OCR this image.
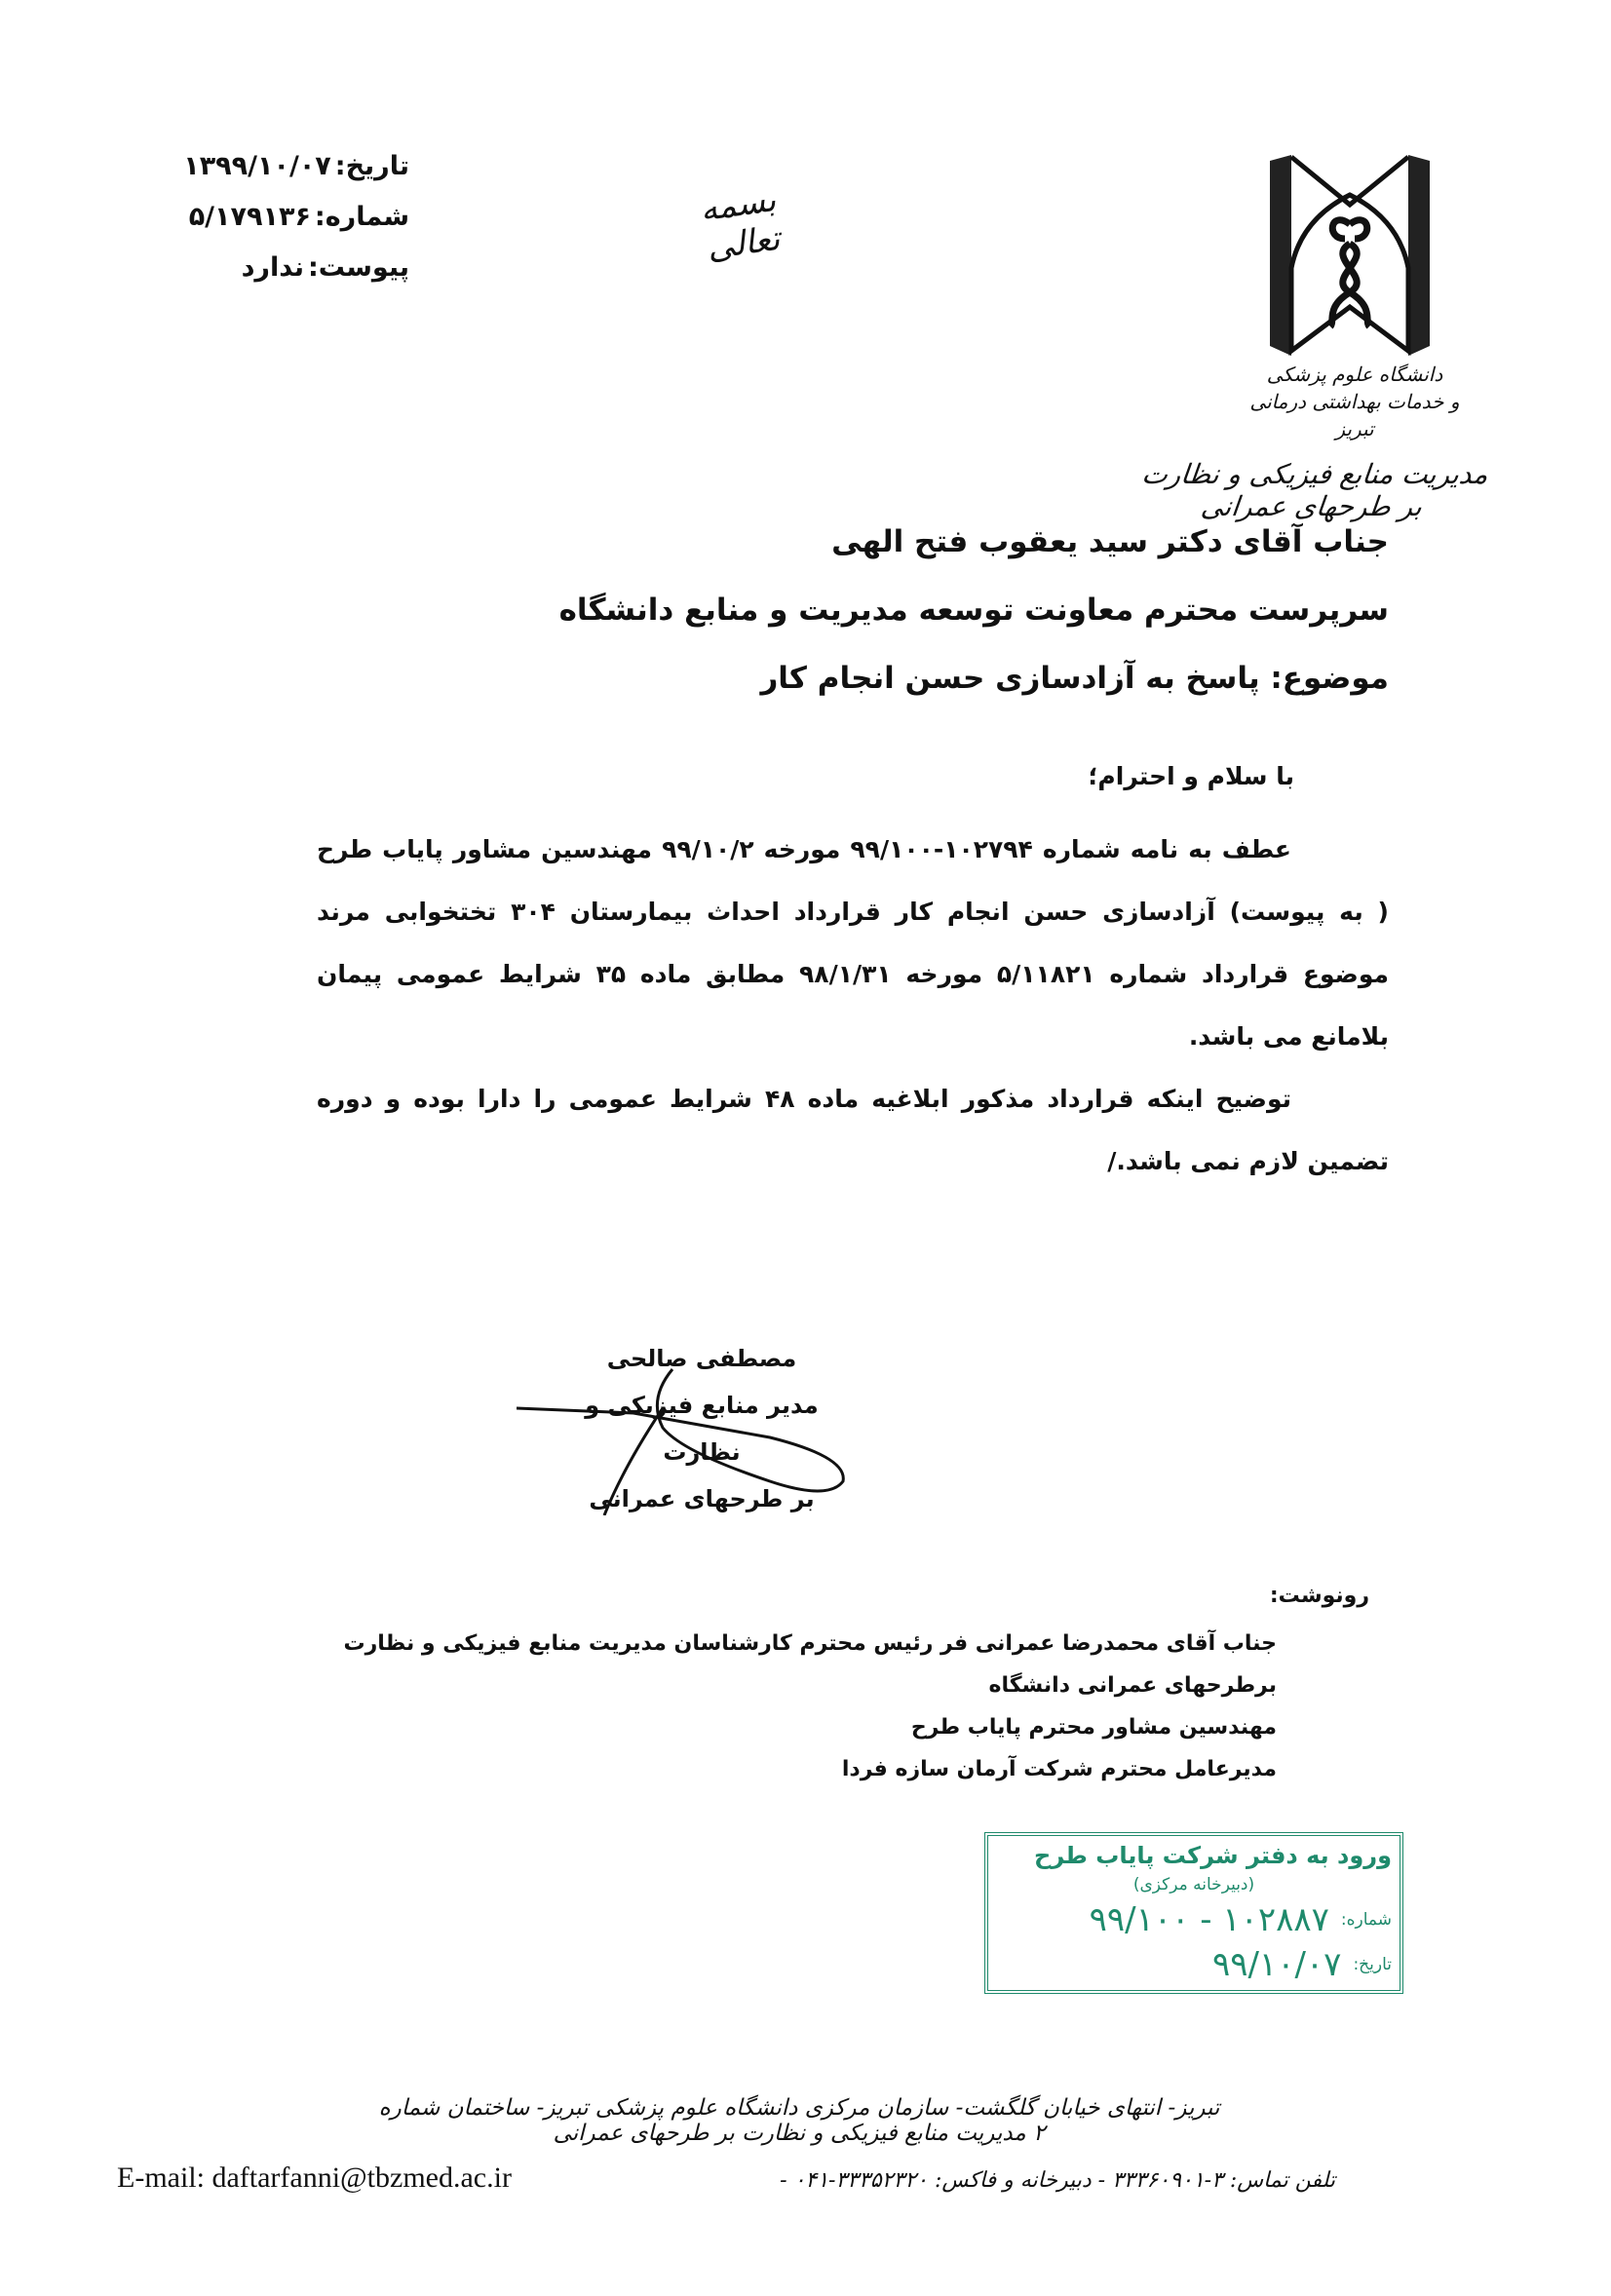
بسمه تعالی
تاریخ:
۱۳۹۹/۱۰/۰۷
شماره:
۵/۱۷۹۱۳۶
پیوست:
ندارد
دانشگاه علوم پزشکی
و خدمات بهداشتی درمانی تبریز
مدیریت منابع فیزیکی و نظارت بر طرحهای عمرانی
جناب آقای دکتر سید یعقوب فتح الهی
سرپرست محترم معاونت توسعه مدیریت و منابع دانشگاه
موضوع: پاسخ به آزادسازی حسن انجام کار
با سلام و احترام؛

عطف به نامه شماره ۱۰۲۷۹۴-۹۹/۱۰۰ مورخه ۹۹/۱۰/۲ مهندسین مشاور پایاب طرح ( به پیوست) آزادسازی حسن انجام کار قرارداد احداث بیمارستان ۳۰۴ تختخوابی مرند موضوع قرارداد شماره ۵/۱۱۸۲۱ مورخه ۹۸/۱/۳۱ مطابق ماده ۳۵ شرایط عمومی پیمان بلامانع می باشد.

توضیح اینکه قرارداد مذکور ابلاغیه ماده ۴۸ شرایط عمومی را دارا بوده و دوره تضمین لازم نمی باشد./

مصطفی صالحی
مدیر منابع فیزیکی و نظارت
بر طرحهای عمرانی
رونوشت:
جناب آقای محمدرضا عمرانی فر رئیس محترم کارشناسان مدیریت منابع فیزیکی و نظارت برطرحهای عمرانی دانشگاه
مهندسین مشاور محترم پایاب طرح
مدیرعامل محترم شرکت آرمان سازه فردا
ورود به دفتر شرکت پایاب طرح
(دبیرخانه مرکزی)
شماره:
۱۰۲۸۸۷ - ۹۹/۱۰۰
تاریخ:
۹۹/۱۰/۰۷
تبریز- انتهای خیابان گلگشت- سازمان مرکزی دانشگاه علوم پزشکی تبریز- ساختمان شماره ۲ مدیریت منابع فیزیکی و نظارت بر طرحهای عمرانی
E-mail: daftarfanni@tbzmed.ac.ir	تلفن تماس: ۳-۳۳۳۶۰۹۰۱ - دبیرخانه و فاکس: ۳۳۳۵۲۳۲۰-۰۴۱ -
